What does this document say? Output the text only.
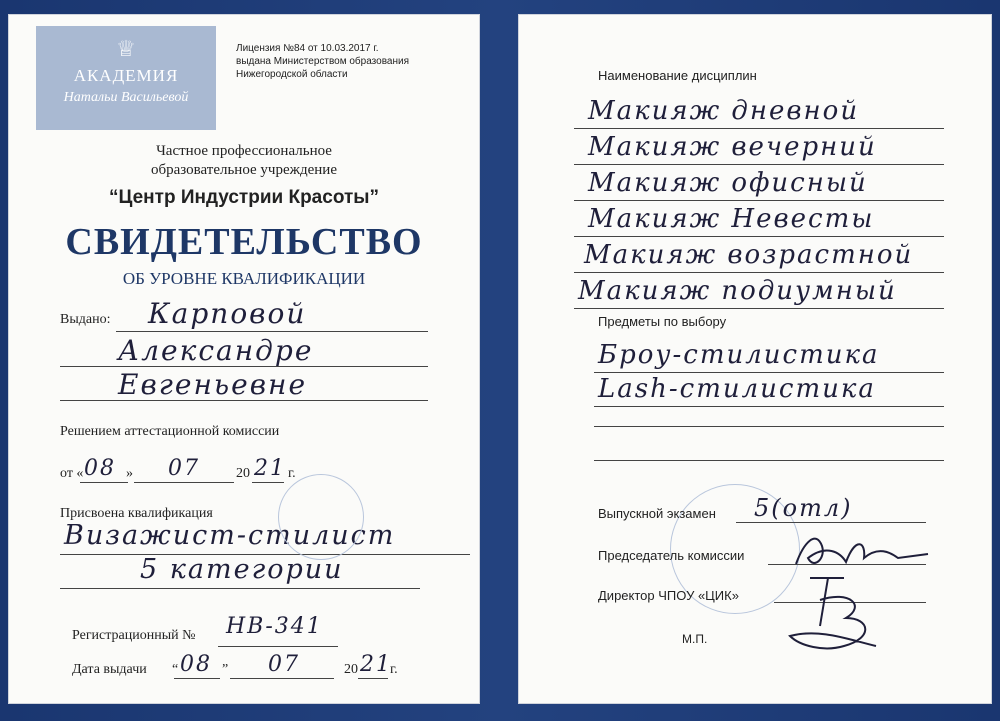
♕
АКАДЕМИЯ
Натальи Васильевой
Лицензия №84 от 10.03.2017 г.
выдана Министерством образования
Нижегородской области
Частное профессиональное
образовательное учреждение
“Центр Индустрии Красоты”
СВИДЕТЕЛЬСТВО
ОБ УРОВНЕ КВАЛИФИКАЦИИ
Выдано: Карповой
Александре
Евгеньевне
Решением аттестационной комиссии
от « 08 » 07	20 21 г.
Присвоена квалификация
Визажист-стилист
5 категории
Регистрационный № НВ-341
Дата выдачи “ 08 ” 07	20 21
г.
Наименование дисциплин
Макияж дневной
Макияж вечерний
Макияж офисный
Макияж Невесты
Макияж возрастной
Макияж подиумный
Предметы по выбору
Броу-стилистика
Lash-стилистика
Выпускной экзамен 5(отл)
Председатель комиссии
Директор ЧПОУ «ЦИК»
М.П.
